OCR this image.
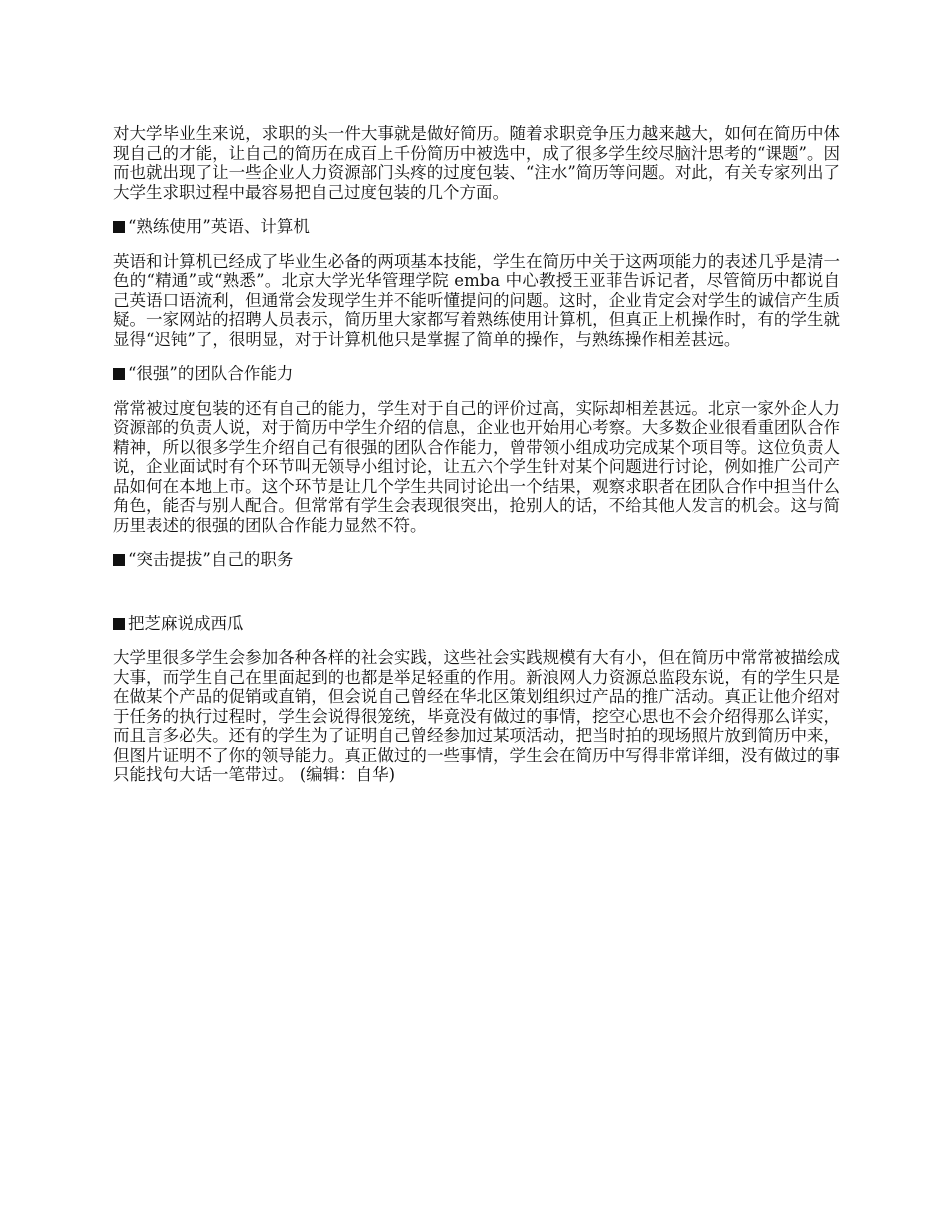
对大学毕业生来说，求职的头一件大事就是做好简历。随着求职竞争压力越来越大，如何在简历中体现自己的才能，让自己的简历在成百上千份简历中被选中，成了很多学生绞尽脑汁思考的“课题”。因而也就出现了让一些企业人力资源部门头疼的过度包装、“注水”简历等问题。对此，有关专家列出了大学生求职过程中最容易把自己过度包装的几个方面。

“熟练使用”英语、计算机

英语和计算机已经成了毕业生必备的两项基本技能，学生在简历中关于这两项能力的表述几乎是清一色的“精通”或“熟悉”。北京大学光华管理学院 emba 中心教授王亚菲告诉记者，尽管简历中都说自己英语口语流利，但通常会发现学生并不能听懂提问的问题。这时，企业肯定会对学生的诚信产生质疑。一家网站的招聘人员表示，简历里大家都写着熟练使用计算机，但真正上机操作时，有的学生就显得“迟钝”了，很明显，对于计算机他只是掌握了简单的操作，与熟练操作相差甚远。

“很强”的团队合作能力

常常被过度包装的还有自己的能力，学生对于自己的评价过高，实际却相差甚远。北京一家外企人力资源部的负责人说，对于简历中学生介绍的信息，企业也开始用心考察。大多数企业很看重团队合作精神，所以很多学生介绍自己有很强的团队合作能力，曾带领小组成功完成某个项目等。这位负责人说，企业面试时有个环节叫无领导小组讨论，让五六个学生针对某个问题进行讨论，例如推广公司产品如何在本地上市。这个环节是让几个学生共同讨论出一个结果，观察求职者在团队合作中担当什么角色，能否与别人配合。但常常有学生会表现很突出，抢别人的话，不给其他人发言的机会。这与简历里表述的很强的团队合作能力显然不符。

“突击提拔”自己的职务

把芝麻说成西瓜

大学里很多学生会参加各种各样的社会实践，这些社会实践规模有大有小，但在简历中常常被描绘成大事，而学生自己在里面起到的也都是举足轻重的作用。新浪网人力资源总监段东说，有的学生只是在做某个产品的促销或直销，但会说自己曾经在华北区策划组织过产品的推广活动。真正让他介绍对于任务的执行过程时，学生会说得很笼统，毕竟没有做过的事情，挖空心思也不会介绍得那么详实，而且言多必失。还有的学生为了证明自己曾经参加过某项活动，把当时拍的现场照片放到简历中来，但图片证明不了你的领导能力。真正做过的一些事情，学生会在简历中写得非常详细，没有做过的事只能找句大话一笔带过。 (编辑：自华)
